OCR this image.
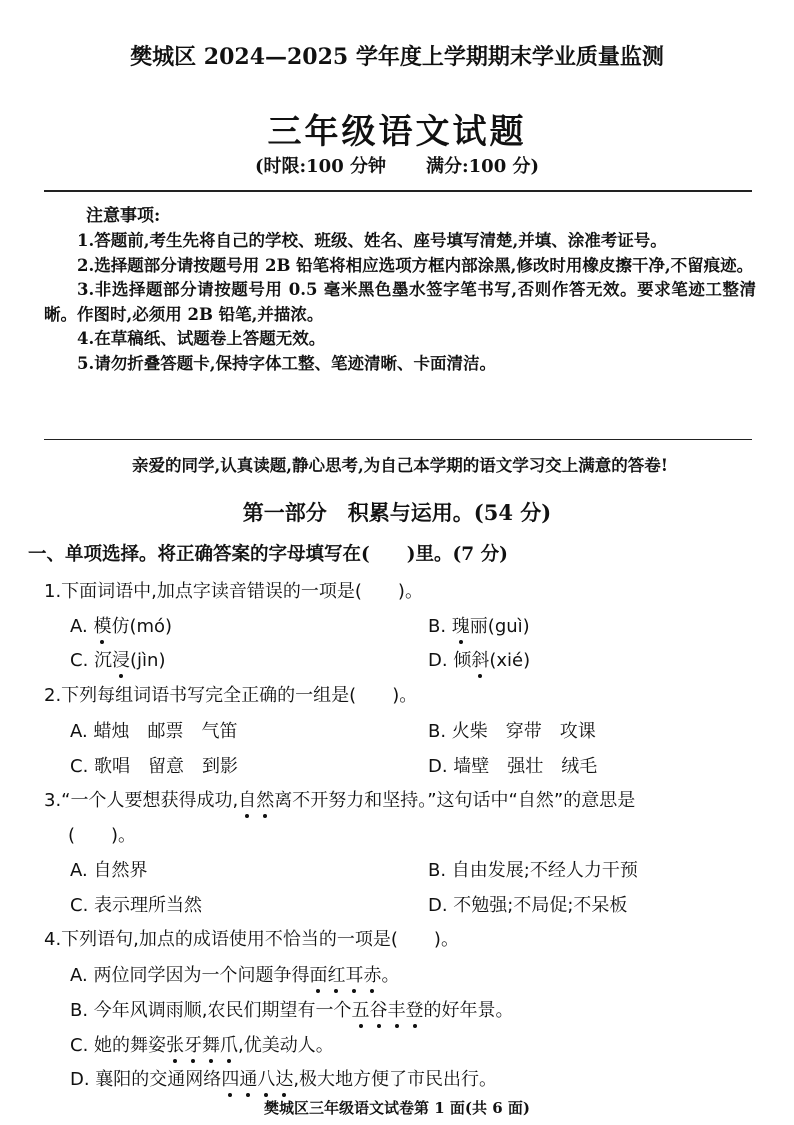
樊城区 2024—2025 学年度上学期期末学业质量监测
三年级语文试题
(时限:100 分钟 满分:100 分)
注意事项:

1.答题前,考生先将自己的学校、班级、姓名、座号填写清楚,并填、涂准考证号。

2.选择题部分请按题号用 2B 铅笔将相应选项方框内部涂黑,修改时用橡皮擦干净,不留痕迹。

3.非选择题部分请按题号用 0.5 毫米黑色墨水签字笔书写,否则作答无效。要求笔迹工整清晰。作图时,必须用 2B 铅笔,并描浓。

4.在草稿纸、试题卷上答题无效。

5.请勿折叠答题卡,保持字体工整、笔迹清晰、卡面清洁。

亲爱的同学,认真读题,静心思考,为自己本学期的语文学习交上满意的答卷!
第一部分　积累与运用。(54 分)
一、单项选择。将正确答案的字母填写在(　　)里。(7 分)
1.下面词语中,加点字读音错误的一项是(　　)。
A. 模仿(mó)	B. 瑰丽(guì)
C. 沉浸(jìn)	D. 倾斜(xié)
2.下列每组词语书写完全正确的一组是(　　)。
A. 蜡烛　邮票　气笛	B. 火柴　穿带　攻课
C. 歌唱　留意　到影	D. 墙壁　强壮　绒毛
3.“一个人要想获得成功,自然离不开努力和坚持。”这句话中“自然”的意思是
(　　)。
A. 自然界	B. 自由发展;不经人力干预
C. 表示理所当然	D. 不勉强;不局促;不呆板
4.下列语句,加点的成语使用不恰当的一项是(　　)。
A. 两位同学因为一个问题争得面红耳赤。
B. 今年风调雨顺,农民们期望有一个五谷丰登的好年景。
C. 她的舞姿张牙舞爪,优美动人。
D. 襄阳的交通网络四通八达,极大地方便了市民出行。
樊城区三年级语文试卷第 1 面(共 6 面)
